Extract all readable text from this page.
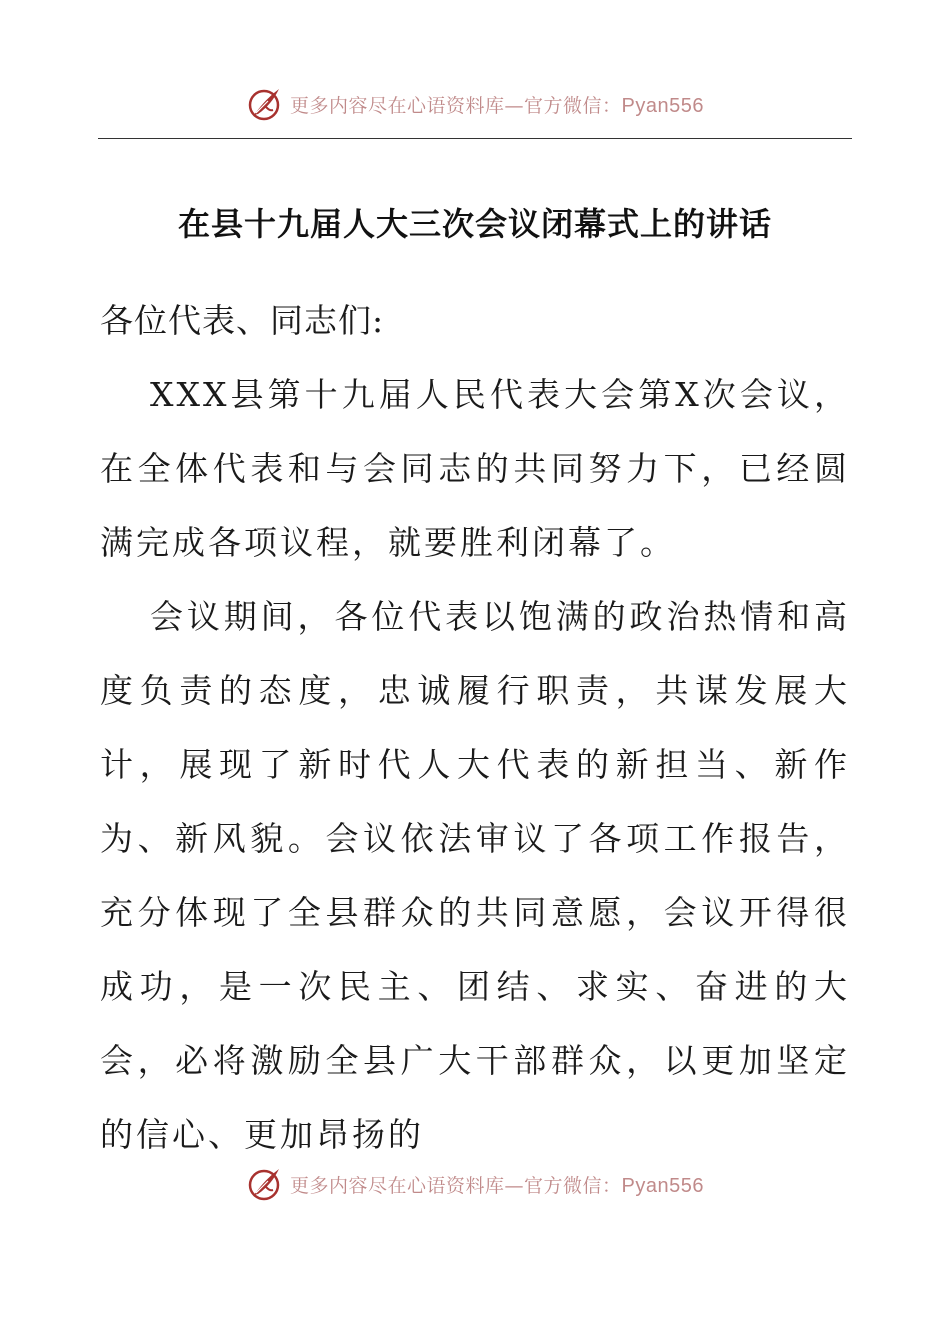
更多内容尽在心语资料库—官方微信：Pyan556
在县十九届人大三次会议闭幕式上的讲话

各位代表、同志们:

XXX县第十九届人民代表大会第X次会议，在全体代表和与会同志的共同努力下，已经圆满完成各项议程，就要胜利闭幕了。

会议期间，各位代表以饱满的政治热情和高度负责的态度，忠诚履行职责，共谋发展大计，展现了新时代人大代表的新担当、新作为、新风貌。会议依法审议了各项工作报告，充分体现了全县群众的共同意愿，会议开得很成功，是一次民主、团结、求实、奋进的大会，必将激励全县广大干部群众，以更加坚定的信心、更加昂扬的

更多内容尽在心语资料库—官方微信：Pyan556
